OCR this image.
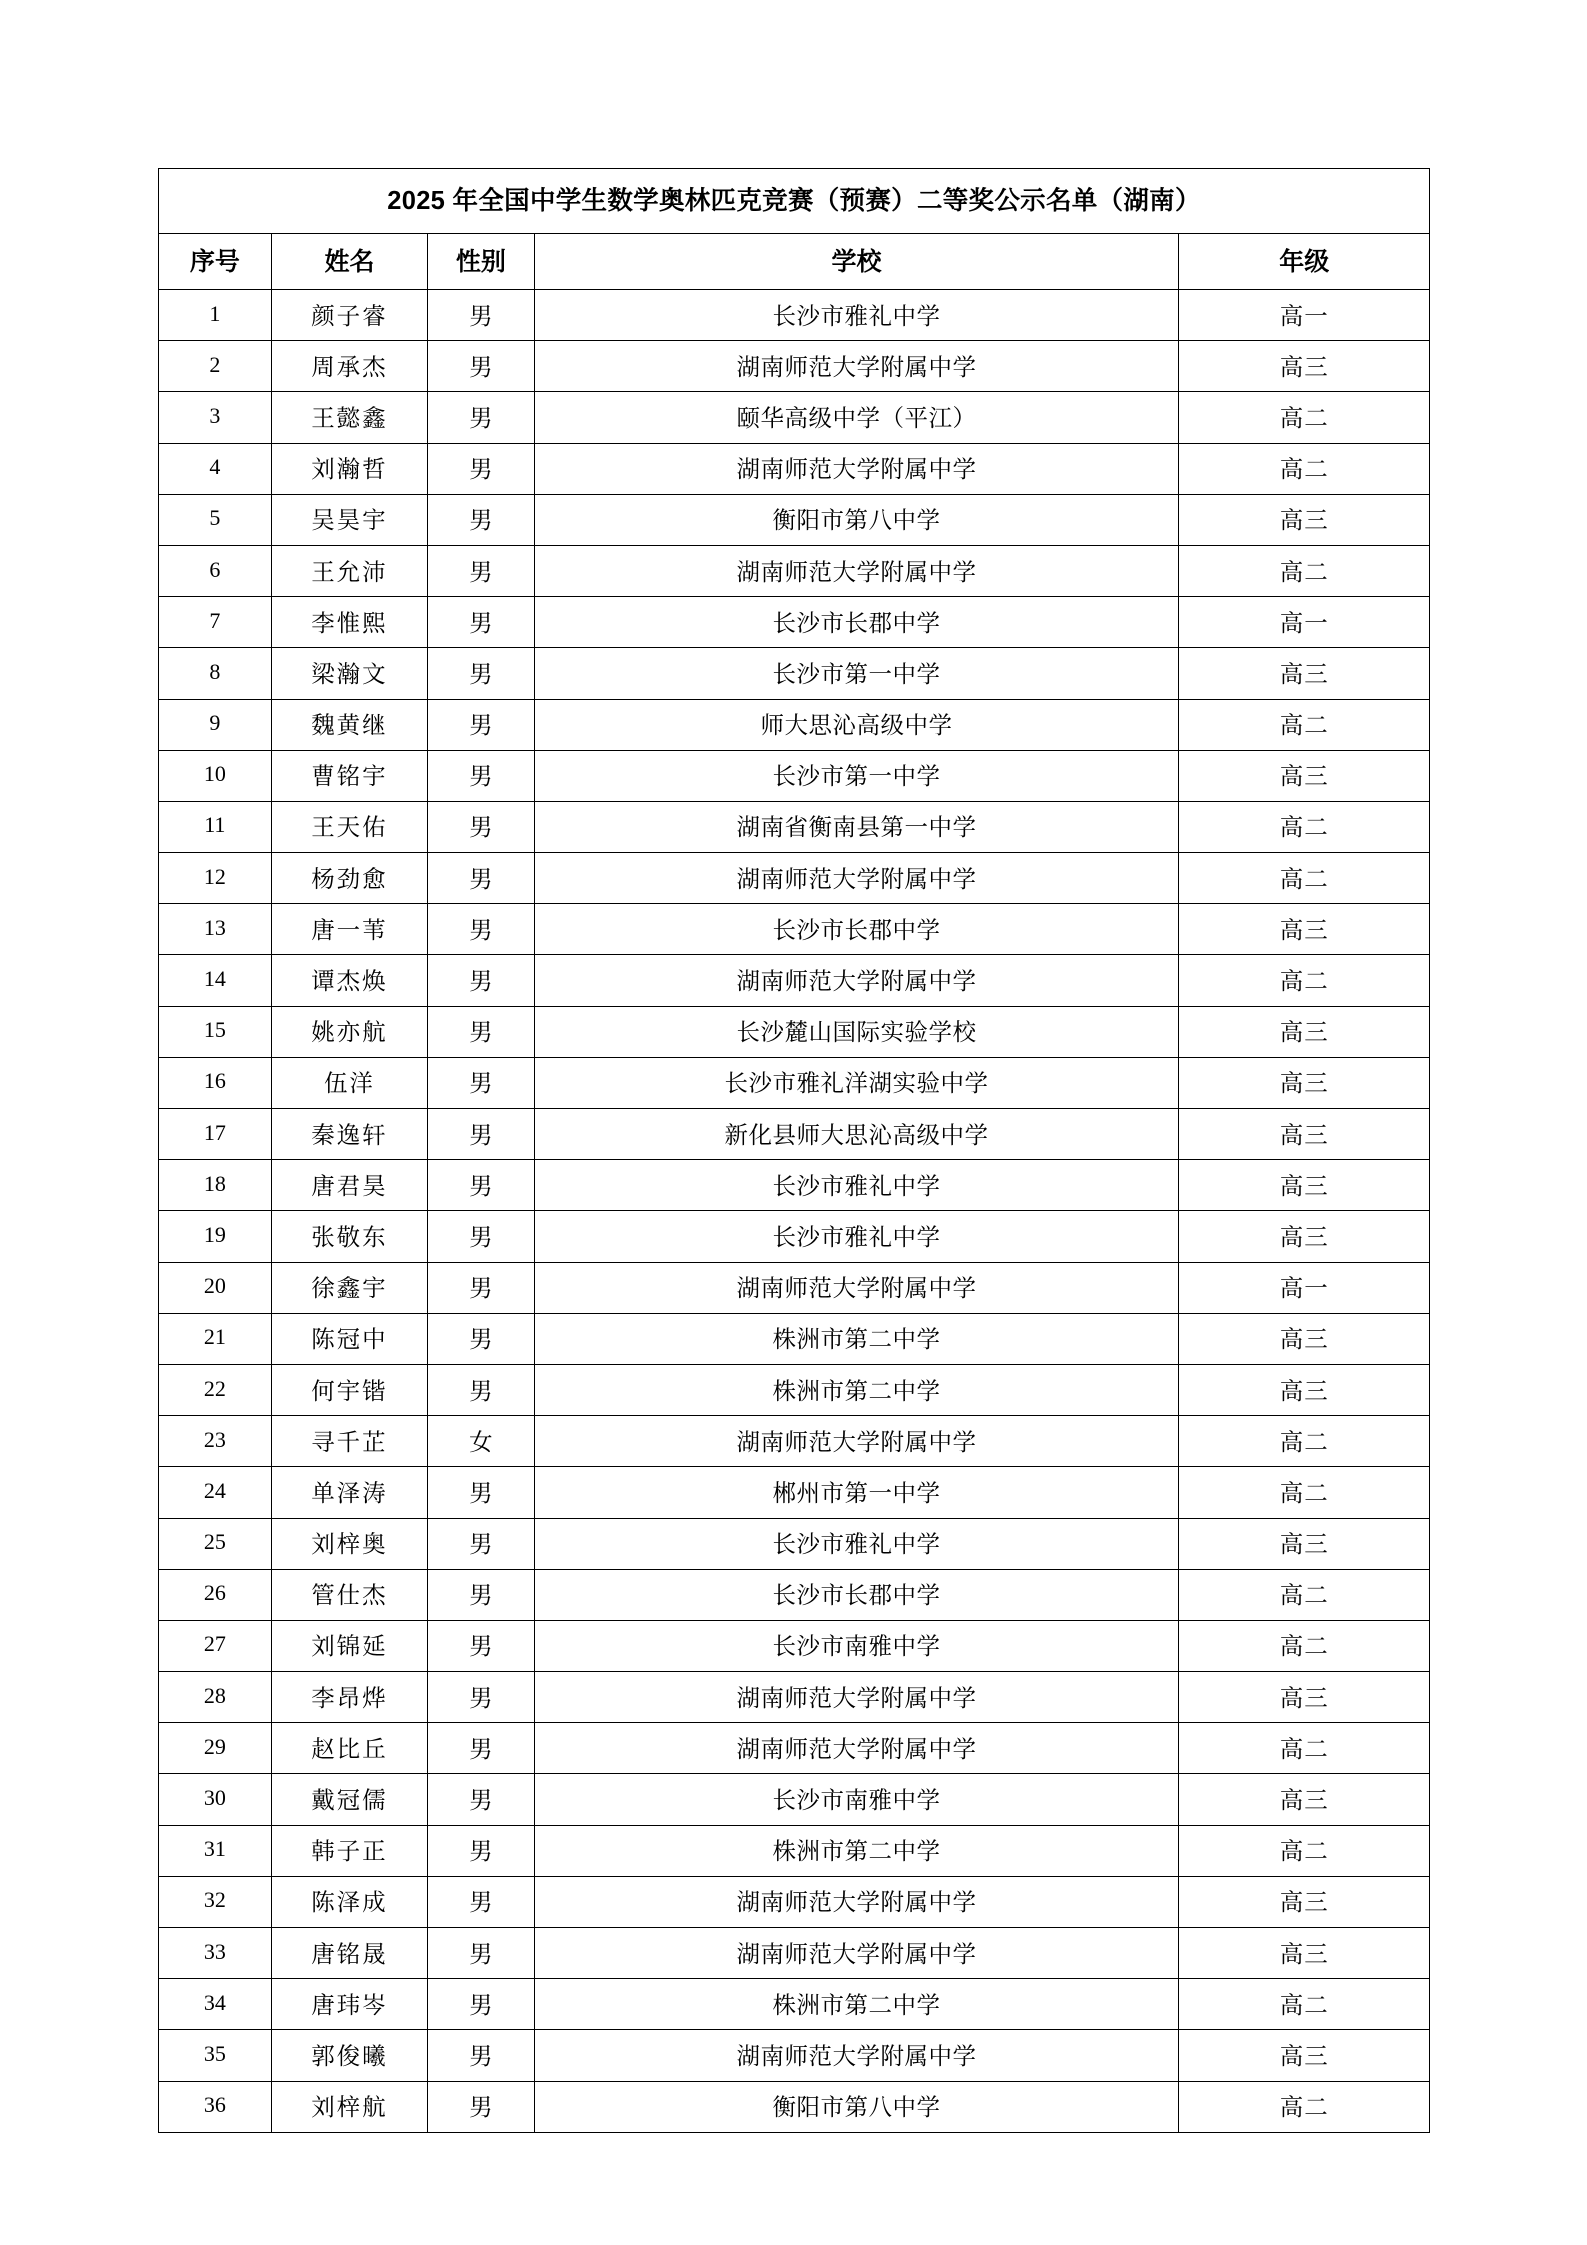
2025 年全国中学生数学奥林匹克竞赛（预赛）二等奖公示名单（湖南）				
序号	姓名	性别	学校	年级
1	颜子睿	男	长沙市雅礼中学	高一
2	周承杰	男	湖南师范大学附属中学	高三
3	王懿鑫	男	颐华高级中学（平江）	高二
4	刘瀚哲	男	湖南师范大学附属中学	高二
5	吴昊宇	男	衡阳市第八中学	高三
6	王允沛	男	湖南师范大学附属中学	高二
7	李惟熙	男	长沙市长郡中学	高一
8	梁瀚文	男	长沙市第一中学	高三
9	魏黄继	男	师大思沁高级中学	高二
10	曹铭宇	男	长沙市第一中学	高三
11	王天佑	男	湖南省衡南县第一中学	高二
12	杨劲愈	男	湖南师范大学附属中学	高二
13	唐一苇	男	长沙市长郡中学	高三
14	谭杰焕	男	湖南师范大学附属中学	高二
15	姚亦航	男	长沙麓山国际实验学校	高三
16	伍洋	男	长沙市雅礼洋湖实验中学	高三
17	秦逸轩	男	新化县师大思沁高级中学	高三
18	唐君昊	男	长沙市雅礼中学	高三
19	张敬东	男	长沙市雅礼中学	高三
20	徐鑫宇	男	湖南师范大学附属中学	高一
21	陈冠中	男	株洲市第二中学	高三
22	何宇锴	男	株洲市第二中学	高三
23	寻千芷	女	湖南师范大学附属中学	高二
24	单泽涛	男	郴州市第一中学	高二
25	刘梓奥	男	长沙市雅礼中学	高三
26	管仕杰	男	长沙市长郡中学	高二
27	刘锦延	男	长沙市南雅中学	高二
28	李昂烨	男	湖南师范大学附属中学	高三
29	赵比丘	男	湖南师范大学附属中学	高二
30	戴冠儒	男	长沙市南雅中学	高三
31	韩子正	男	株洲市第二中学	高二
32	陈泽成	男	湖南师范大学附属中学	高三
33	唐铭晟	男	湖南师范大学附属中学	高三
34	唐玮岑	男	株洲市第二中学	高二
35	郭俊曦	男	湖南师范大学附属中学	高三
36	刘梓航	男	衡阳市第八中学	高二
